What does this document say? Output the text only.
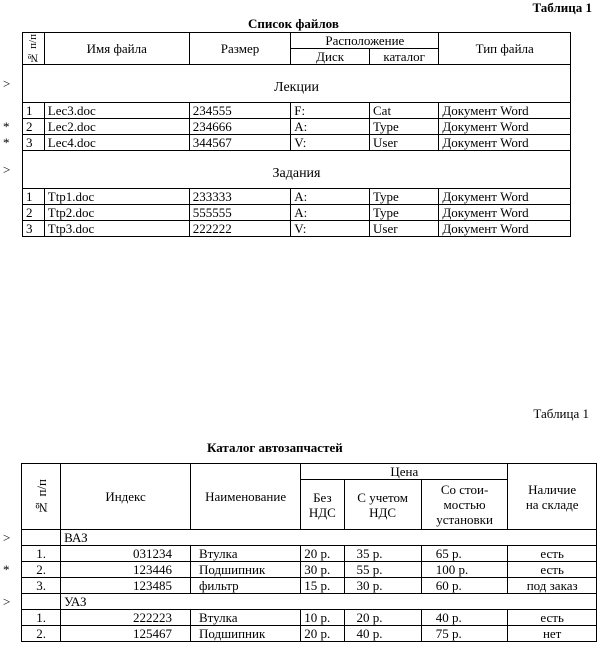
Таблица 1
Список файлов
№ п/п	Имя файла	Размер	Расположение		Тип файла
			Диск	каталог	
Лекции					
1	Lec3.doc	234555	F:	Cat	Документ Word
2	Lec2.doc	234666	A:	Type	Документ Word
3	Lec4.doc	344567	V:	User	Документ Word
Задания					
1	Ttp1.doc	233333	A:	Type	Документ Word
2	Ttp2.doc	555555	A:	Type	Документ Word
3	Ttp3.doc	222222	V:	User	Документ Word
Таблица 1
Каталог автозапчастей
№ п/п	Индекс	Наименование	Цена			Наличие на складе

			Без НДС	С учетом НДС	Со стои- мостью установки	

	ВАЗ					
1.	031234	Втулка	20 р.	35 р.	65 р.	есть
2.	123446	Подшипник	30 р.	55 р.	100 р.	есть
3.	123485	фильтр	15 р.	30 р.	60 р.	под заказ
	УАЗ					
1.	222223	Втулка	10 р.	20 р.	40 р.	есть
2.	125467	Подшипник	20 р.	40 р.	75 р.	нет
>
*
*
>
>
*
>
